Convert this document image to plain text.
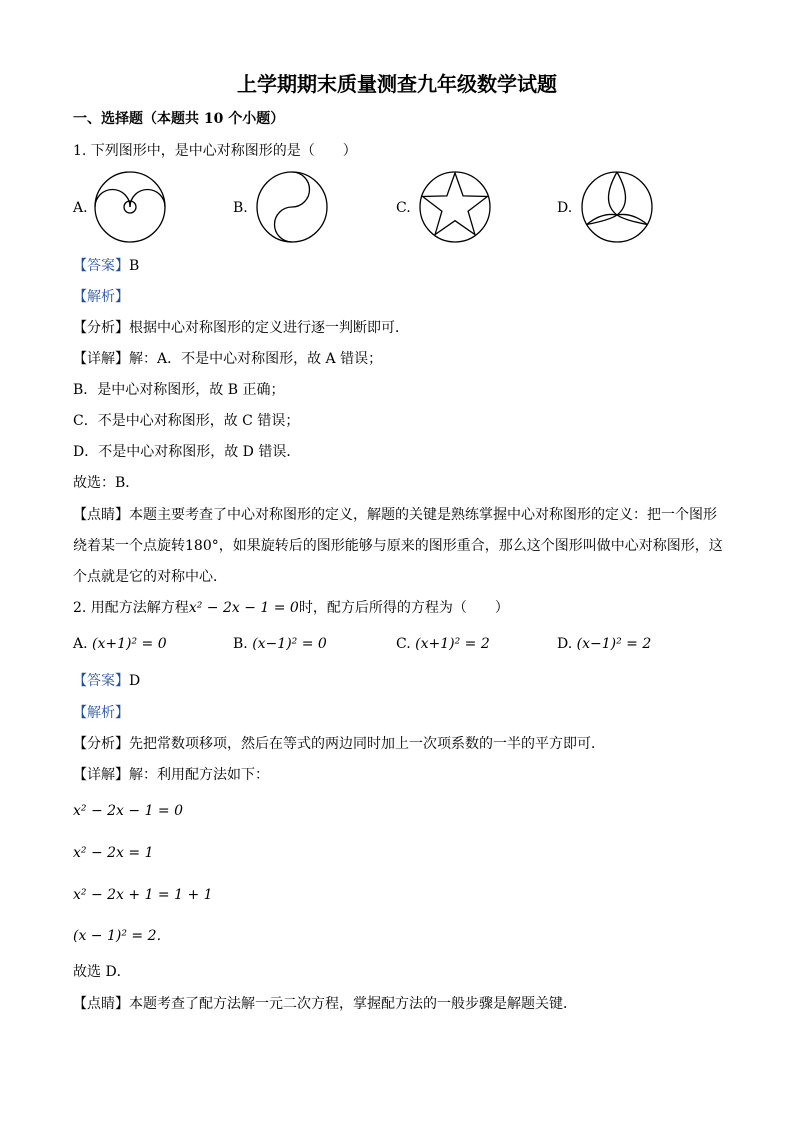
上学期期末质量测查九年级数学试题
一、选择题（本题共 10 个小题）
1. 下列图形中，是中心对称图形的是（　　）
A.	B.	C.	D.
【答案】B
【解析】
【分析】根据中心对称图形的定义进行逐一判断即可．
【详解】解：A．不是中心对称图形，故 A 错误；
B．是中心对称图形，故 B 正确；
C．不是中心对称图形，故 C 错误；
D．不是中心对称图形，故 D 错误．
故选：B．
【点睛】本题主要考查了中心对称图形的定义，解题的关键是熟练掌握中心对称图形的定义：把一个图形
绕着某一个点旋转180°，如果旋转后的图形能够与原来的图形重合，那么这个图形叫做中心对称图形，这
个点就是它的对称中心．
2. 用配方法解方程x² − 2x − 1 = 0时，配方后所得的方程为（　　）
A. (x+1)² = 0	B. (x−1)² = 0	C. (x+1)² = 2	D. (x−1)² = 2
【答案】D
【解析】
【分析】先把常数项移项，然后在等式的两边同时加上一次项系数的一半的平方即可．
【详解】解：利用配方法如下：
x² − 2x − 1 = 0
x² − 2x = 1
x² − 2x + 1 = 1 + 1
(x − 1)² = 2．
故选 D．
【点睛】本题考查了配方法解一元二次方程，掌握配方法的一般步骤是解题关键．
